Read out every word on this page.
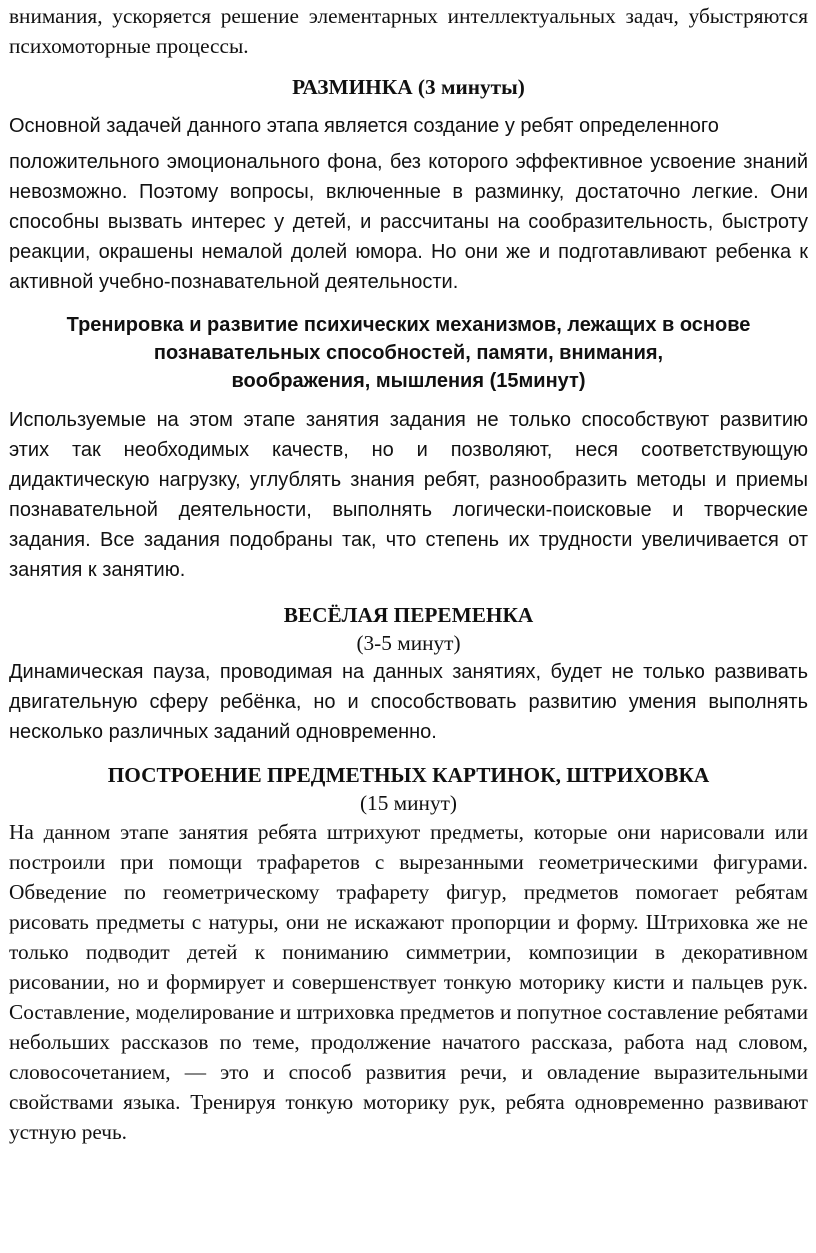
внимания, ускоряется решение элементарных интеллектуальных задач, убыстряются психомоторные процессы.

РАЗМИНКА (3 минуты)

Основной задачей данного этапа является создание у ребят определенного

положительного эмоционального фона, без которого эффективное усвоение знаний невозможно. Поэтому вопросы, включенные в разминку, достаточно легкие. Они способны вызвать интерес у детей, и рассчитаны на сообразительность, быстроту реакции, окрашены немалой долей юмора. Но они же и подготавливают ребенка к активной учебно-познавательной деятельности.

Тренировка и развитие психических механизмов, лежащих в основе
познавательных способностей, памяти, внимания,
воображения, мышления (15минут)

Используемые на этом этапе занятия задания не только способствуют развитию этих так необходимых качеств, но и позволяют, неся соответствующую дидактическую нагрузку, углублять знания ребят, разнообразить методы и приемы познавательной деятельности, выполнять логически-поисковые и творческие задания. Все задания подобраны так, что степень их трудности увеличивается от занятия к занятию.

ВЕСЁЛАЯ ПЕРЕМЕНКА

(3-5 минут)

Динамическая пауза, проводимая на данных занятиях, будет не только развивать двигательную сферу ребёнка, но и способствовать развитию умения выполнять несколько различных заданий одновременно.

ПОСТРОЕНИЕ ПРЕДМЕТНЫХ КАРТИНОК, ШТРИХОВКА

(15 минут)

На данном этапе занятия ребята штрихуют предметы, которые они нарисовали или построили при помощи трафаретов с вырезанными геометрическими фигурами. Обведение по геометрическому трафарету фигур, предметов помогает ребятам рисовать предметы с натуры, они не искажают пропорции и форму. Штриховка же не только подводит детей к пониманию симметрии, композиции в декоративном рисовании, но и формирует и совершенствует тонкую моторику кисти и пальцев рук. Составление, моделирование и штриховка предметов и попутное составление ребятами небольших рассказов по теме, продолжение начатого рассказа, работа над словом, словосочетанием, — это и способ развития речи, и овладение выразительными свойствами языка. Тренируя тонкую моторику рук, ребята одновременно развивают устную речь.
